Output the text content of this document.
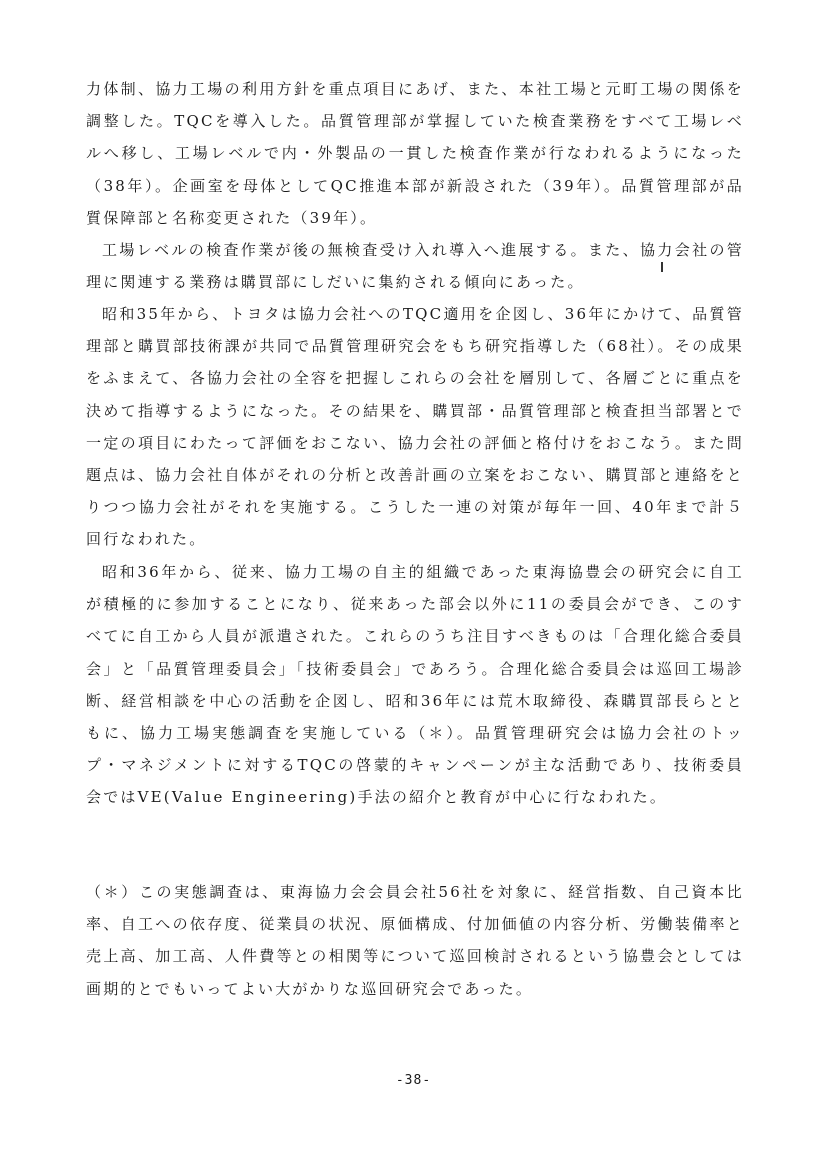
力体制、協力工場の利用方針を重点項目にあげ、また、本社工場と元町工場の関係を調整した。TQCを導入した。品質管理部が掌握していた検査業務をすべて工場レベルへ移し、工場レベルで内・外製品の一貫した検査作業が行なわれるようになった（38年）。企画室を母体としてQC推進本部が新設された（39年）。品質管理部が品質保障部と名称変更された（39年）。

工場レベルの検査作業が後の無検査受け入れ導入へ進展する。また、協力会社の管理に関連する業務は購買部にしだいに集約される傾向にあった。

昭和35年から、トヨタは協力会社へのTQC適用を企図し、36年にかけて、品質管理部と購買部技術課が共同で品質管理研究会をもち研究指導した（68社）。その成果をふまえて、各協力会社の全容を把握しこれらの会社を層別して、各層ごとに重点を決めて指導するようになった。その結果を、購買部・品質管理部と検査担当部署とで一定の項目にわたって評価をおこない、協力会社の評価と格付けをおこなう。また問題点は、協力会社自体がそれの分析と改善計画の立案をおこない、購買部と連絡をとりつつ協力会社がそれを実施する。こうした一連の対策が毎年一回、40年まで計５回行なわれた。

昭和36年から、従来、協力工場の自主的組織であった東海協豊会の研究会に自工が積極的に参加することになり、従来あった部会以外に11の委員会ができ、このすべてに自工から人員が派遣された。これらのうち注目すべきものは「合理化総合委員会」と「品質管理委員会」「技術委員会」であろう。合理化総合委員会は巡回工場診断、経営相談を中心の活動を企図し、昭和36年には荒木取締役、森購買部長らとともに、協力工場実態調査を実施している（＊）。品質管理研究会は協力会社のトップ・マネジメントに対するTQCの啓蒙的キャンペーンが主な活動であり、技術委員会ではVE(Value Engineering)手法の紹介と教育が中心に行なわれた。

（＊）この実態調査は、東海協力会会員会社56社を対象に、経営指数、自己資本比率、自工への依存度、従業員の状況、原価構成、付加価値の内容分析、労働装備率と売上高、加工高、人件費等との相関等について巡回検討されるという協豊会としては画期的とでもいってよい大がかりな巡回研究会であった。

-38-
